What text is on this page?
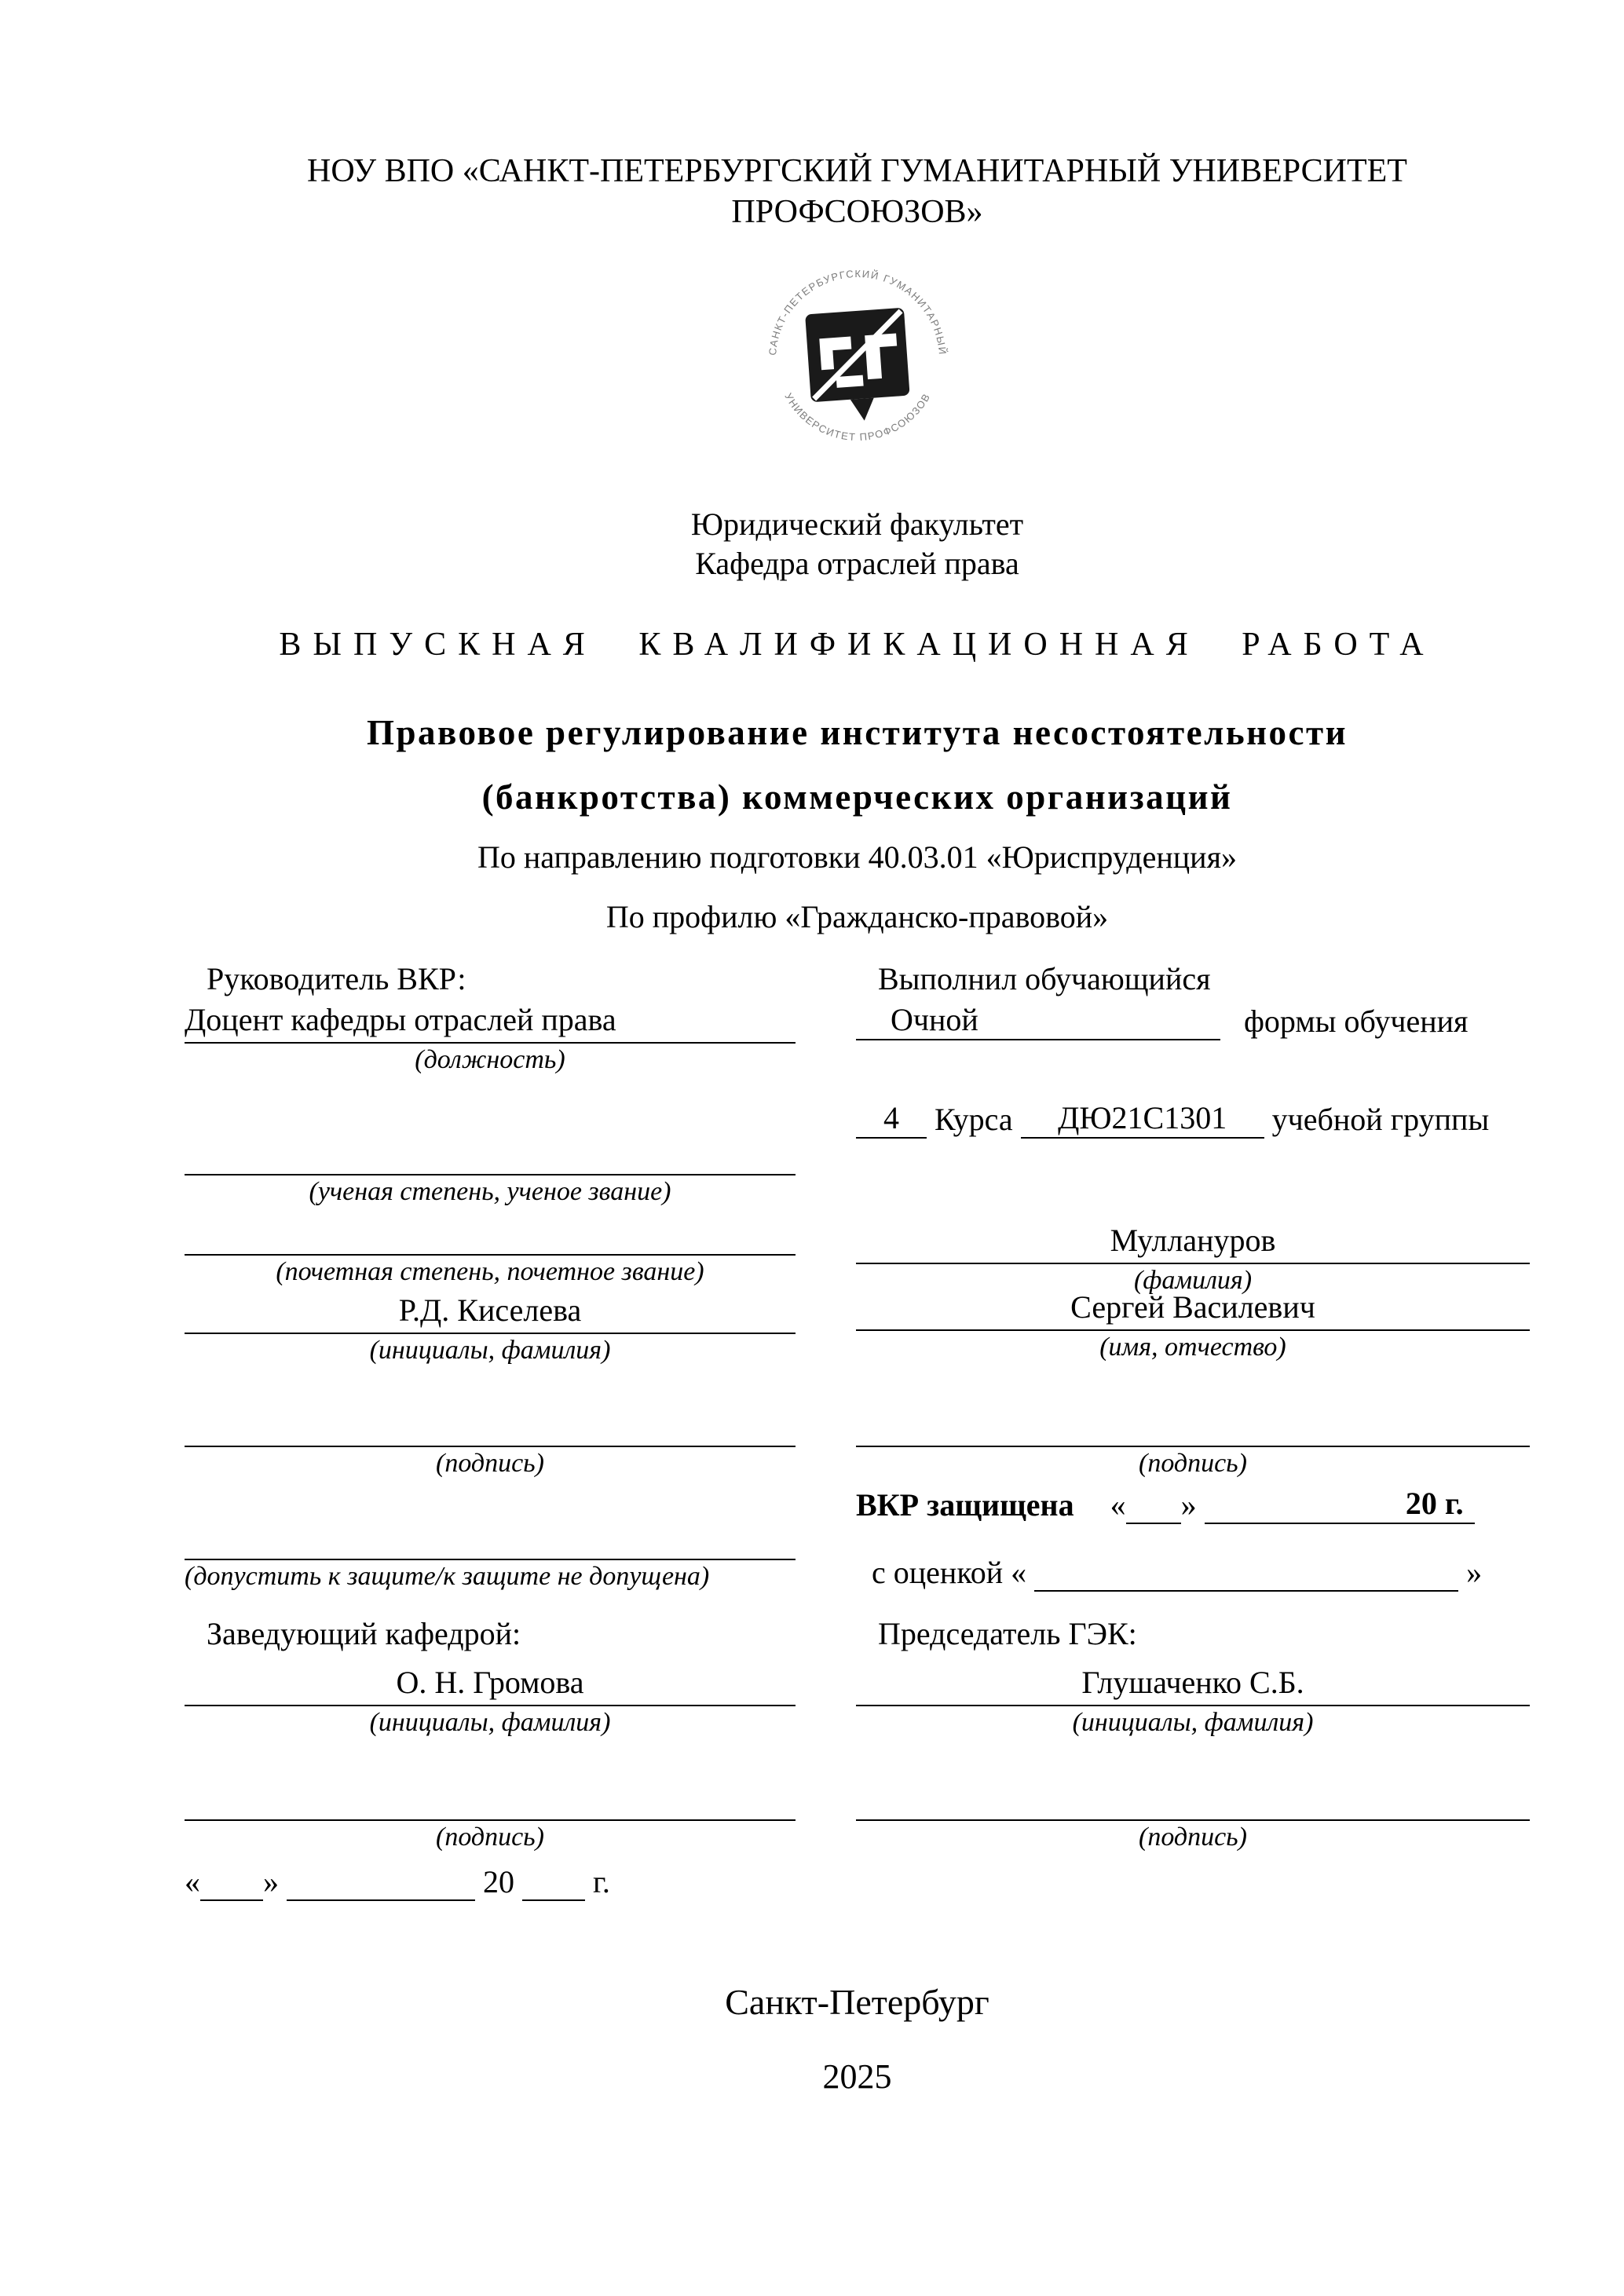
НОУ ВПО «САНКТ-ПЕТЕРБУРГСКИЙ ГУМАНИТАРНЫЙ УНИВЕРСИТЕТ
ПРОФСОЮЗОВ»
САНКТ-ПЕТЕРБУРГСКИЙ ГУМАНИТАРНЫЙ
УНИВЕРСИТЕТ ПРОФСОЮЗОВ
Юридический факультет
Кафедра отраслей права
ВЫПУСКНАЯ КВАЛИФИКАЦИОННАЯ РАБОТА
Правовое регулирование института несостоятельности
(банкротства) коммерческих организаций
По направлению подготовки 40.03.01 «Юриспруденция»
По профилю «Гражданско-правовой»
Руководитель ВКР:
Доцент кафедры отраслей права
(должность)
(ученая степень, ученое звание)
(почетная степень, почетное звание)
Р.Д. Киселева
(инициалы, фамилия)
(подпись)
(допустить к защите/к защите не допущена)
Заведующий кафедрой:
О. Н. Громова
(инициалы, фамилия)
(подпись)
« »	20	г.
Выполнил обучающийся
Очной	формы обучения
4 Курса ДЮ21С1301 учебной группы
Муллануров
(фамилия)
Сергей Василевич
(имя, отчество)
(подпись)
ВКР защищена « »	20 г.
с оценкой «	»
Председатель ГЭК:
Глушаченко С.Б.
(инициалы, фамилия)
(подпись)
Санкт-Петербург
2025
